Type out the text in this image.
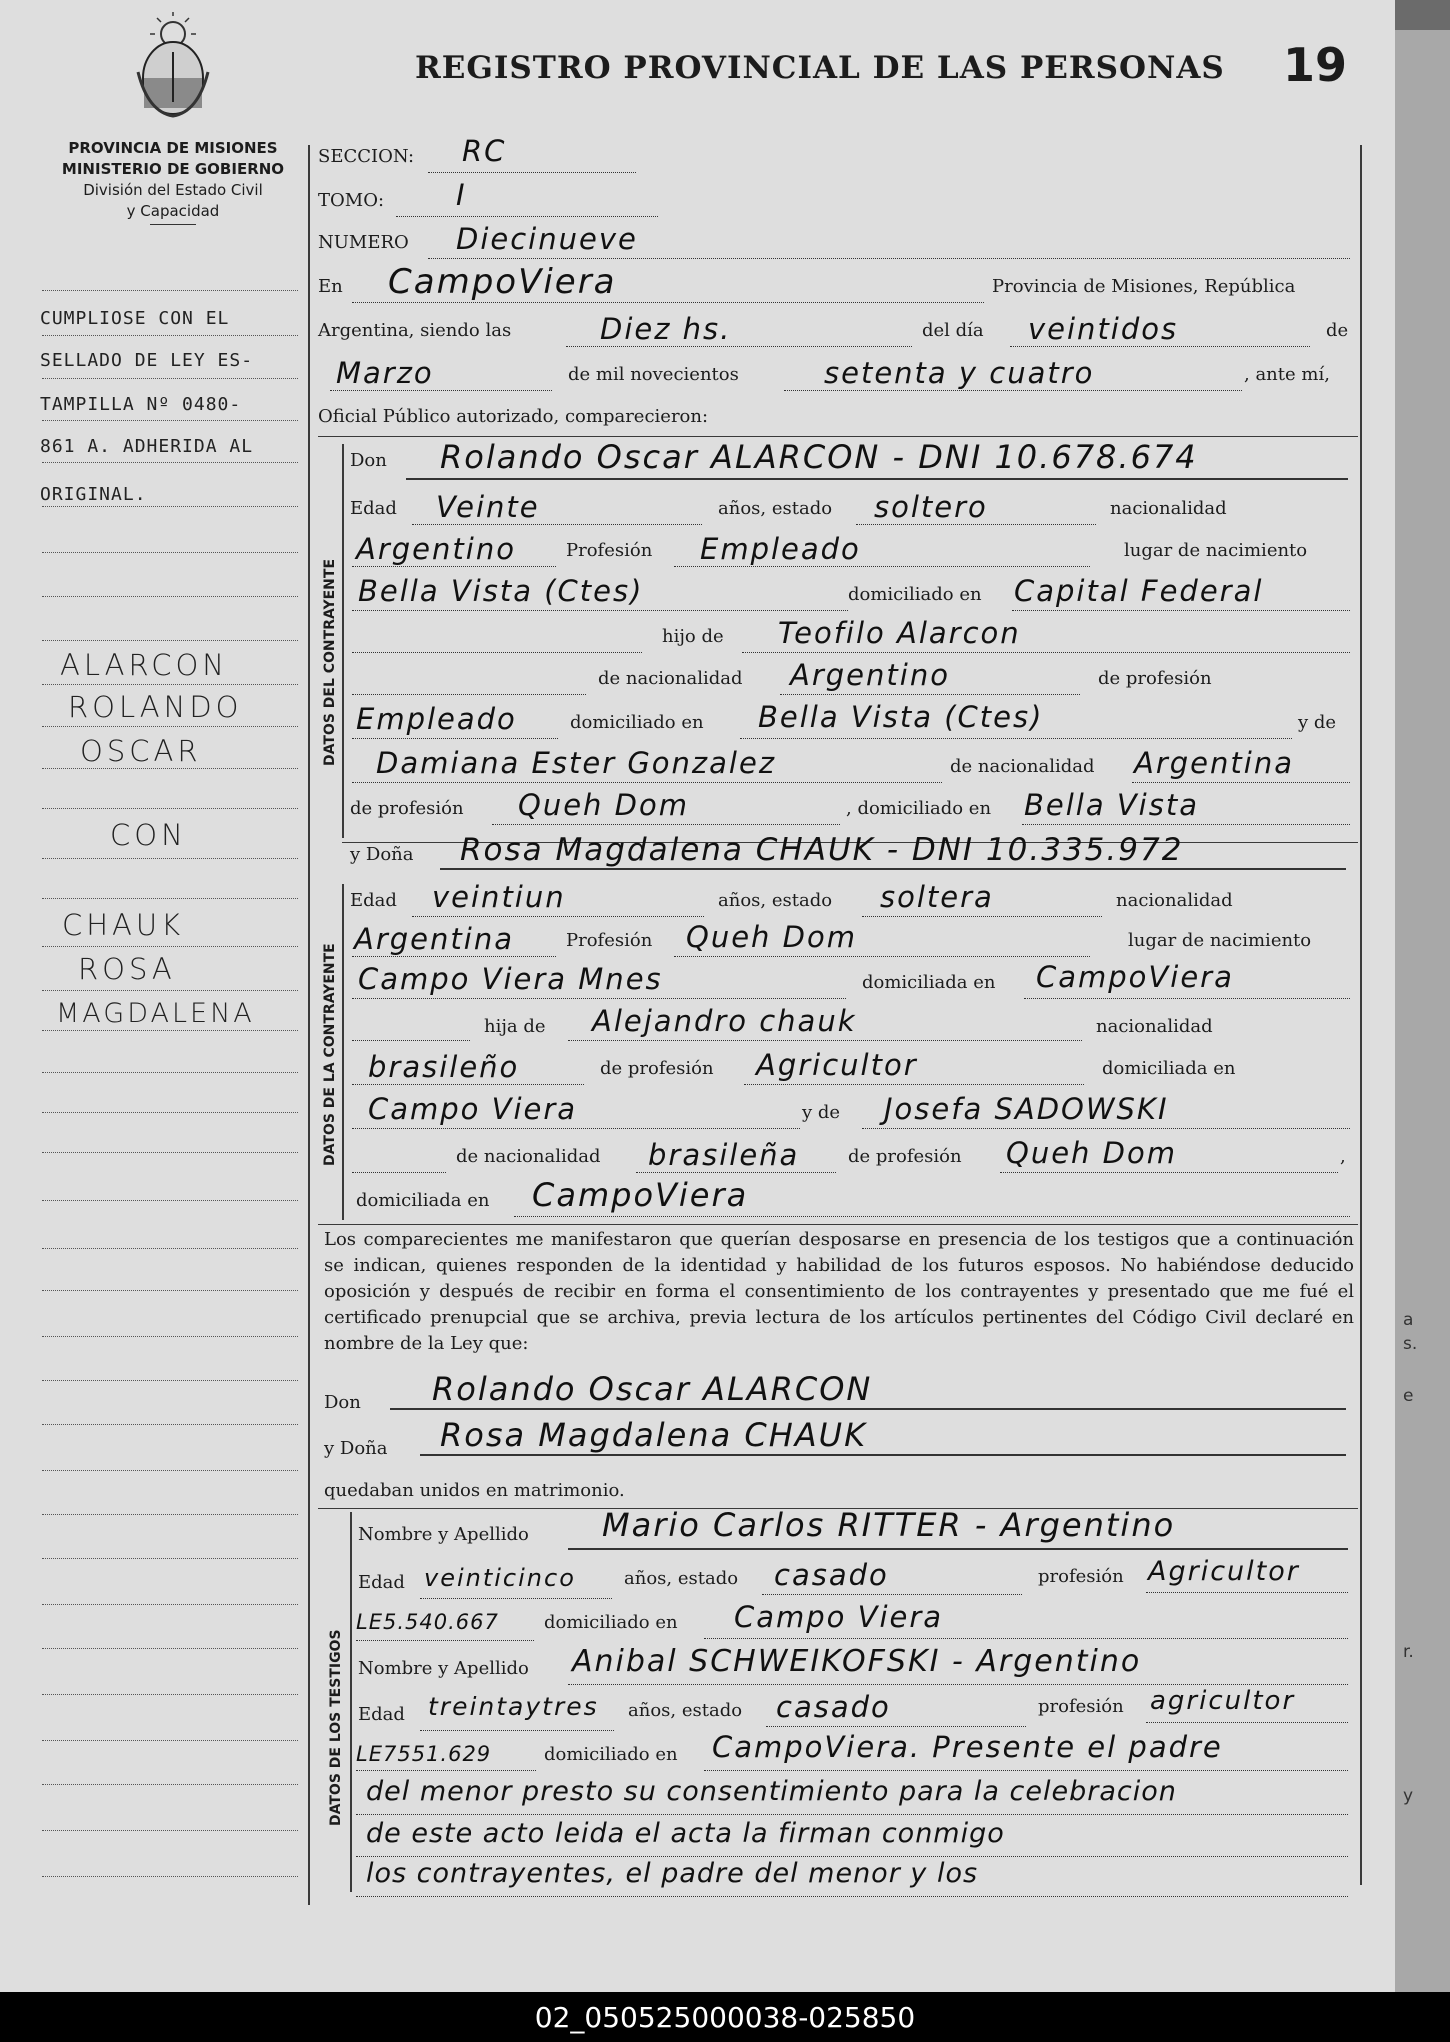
REGISTRO PROVINCIAL DE LAS PERSONAS 19
PROVINCIA DE MISIONES
MINISTERIO DE GOBIERNO
División del Estado Civil
y Capacidad
CUMPLIOSE CON EL
SELLADO DE LEY ES-
TAMPILLA Nº 0480-
861 A. ADHERIDA AL
ORIGINAL.
ALARCON
ROLANDO
OSCAR
CON
CHAUK
ROSA
MAGDALENA
SECCION: RC
TOMO: I
NUMERO Diecinueve
En CampoViera	Provincia de Misiones, República
Argentina, siendo las	Diez hs.	del día veintidos	de
Marzo	de mil novecientos	setenta y cuatro	, ante mí,
Oficial Público autorizado, comparecieron:
DATOS DEL CONTRAYENTE
Don Rolando Oscar ALARCON - DNI 10.678.674
Edad Veinte	años, estado soltero	nacionalidad
Argentino	Profesión Empleado	lugar de nacimiento
Bella Vista (Ctes)	domiciliado en Capital Federal
hijo de Teofilo Alarcon
de nacionalidad Argentino	de profesión
Empleado	domiciliado en Bella Vista (Ctes)	y de
Damiana Ester Gonzalez	de nacionalidad Argentina
de profesión Queh Dom	, domiciliado en Bella Vista
DATOS DE LA CONTRAYENTE
y Doña Rosa Magdalena CHAUK - DNI 10.335.972
Edad veintiun	años, estado soltera	nacionalidad
Argentina	Profesión Queh Dom	lugar de nacimiento
Campo Viera Mnes	domiciliada en CampoViera
hija de Alejandro chauk	nacionalidad
brasileño	de profesión Agricultor	domiciliada en
Campo Viera	y de Josefa SADOWSKI
de nacionalidad brasileña	de profesión Queh Dom	,
domiciliada en CampoViera
Los comparecientes me manifestaron que querían desposarse en presencia de los testigos que a continuación se indican, quienes responden de la identidad y habilidad de los futuros esposos. No habiéndose deducido oposición y después de recibir en forma el consentimiento de los contrayentes y presentado que me fué el certificado prenupcial que se archiva, previa lectura de los artículos pertinentes del Código Civil declaré en nombre de la Ley que:
Don Rolando Oscar ALARCON
y Doña Rosa Magdalena CHAUK
quedaban unidos en matrimonio.
DATOS DE LOS TESTIGOS
Nombre y Apellido Mario Carlos RITTER - Argentino
Edad veinticinco	años, estado casado	profesión Agricultor
LE5.540.667	domiciliado en Campo Viera
Nombre y Apellido Anibal SCHWEIKOFSKI - Argentino
Edad treintaytres años, estado casado	profesión agricultor
LE7551.629	domiciliado en CampoViera. Presente el padre
del menor presto su consentimiento para la celebracion
de este acto leida el acta la firman conmigo
los contrayentes, el padre del menor y los
a
s.
e
r.
y
02_050525000038-025850
